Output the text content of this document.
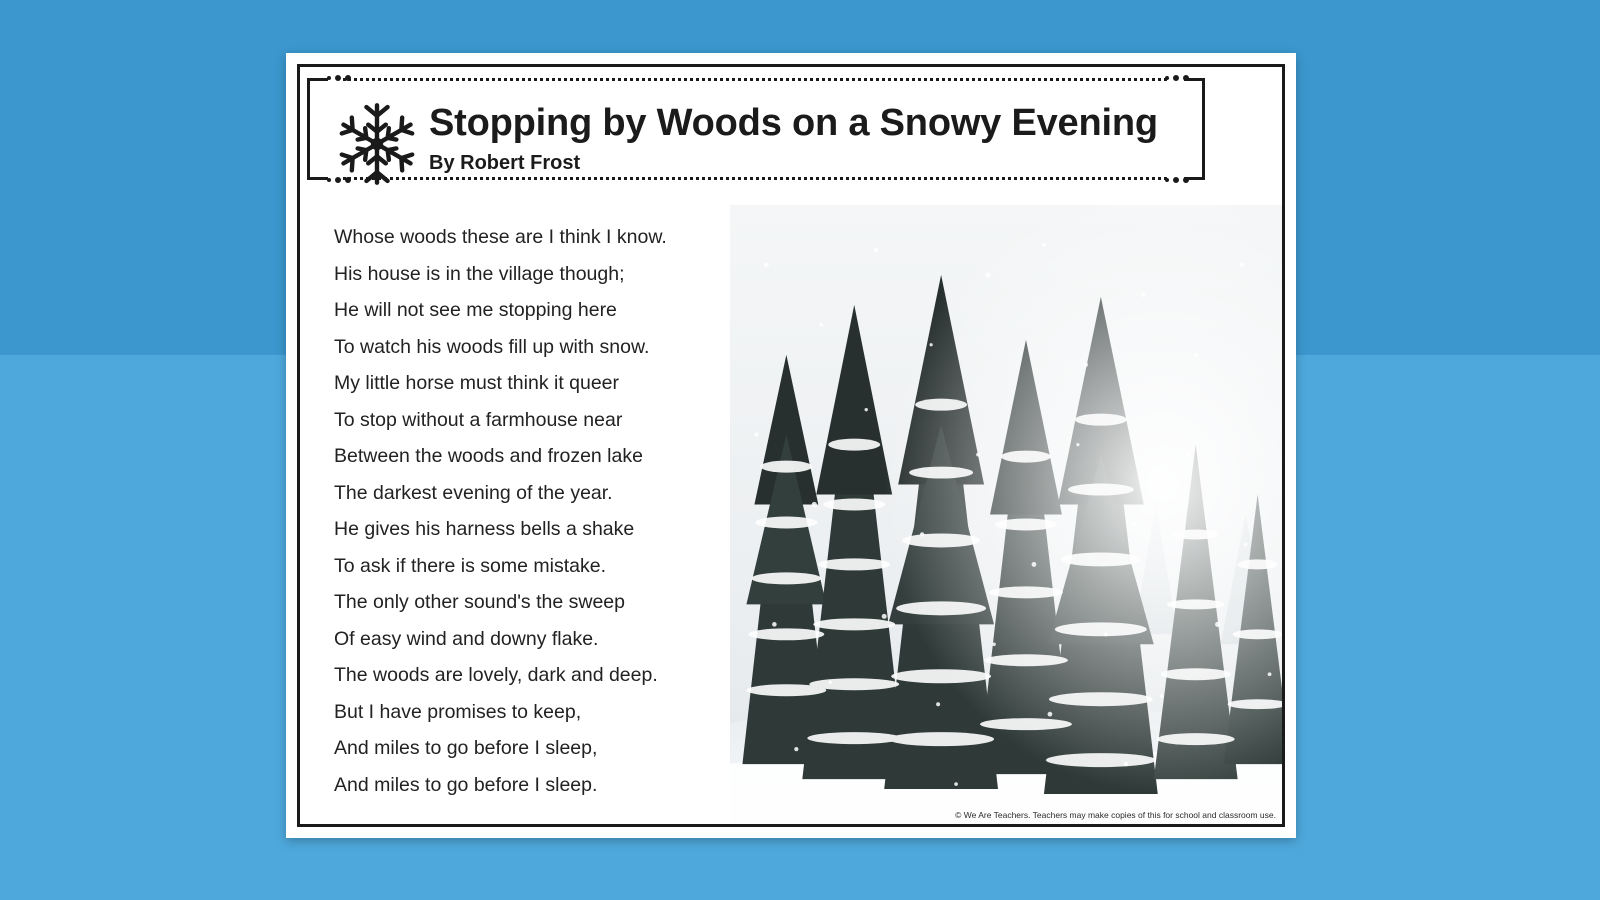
Stopping by Woods on a Snowy Evening
By Robert Frost
Whose woods these are I think I know.
His house is in the village though;
He will not see me stopping here
To watch his woods fill up with snow.
My little horse must think it queer
To stop without a farmhouse near
Between the woods and frozen lake
The darkest evening of the year.
He gives his harness bells a shake
To ask if there is some mistake.
The only other sound's the sweep
Of easy wind and downy flake.
The woods are lovely, dark and deep.
But I have promises to keep,
And miles to go before I sleep,
And miles to go before I sleep.
© We Are Teachers. Teachers may make copies of this for school and classroom use.
